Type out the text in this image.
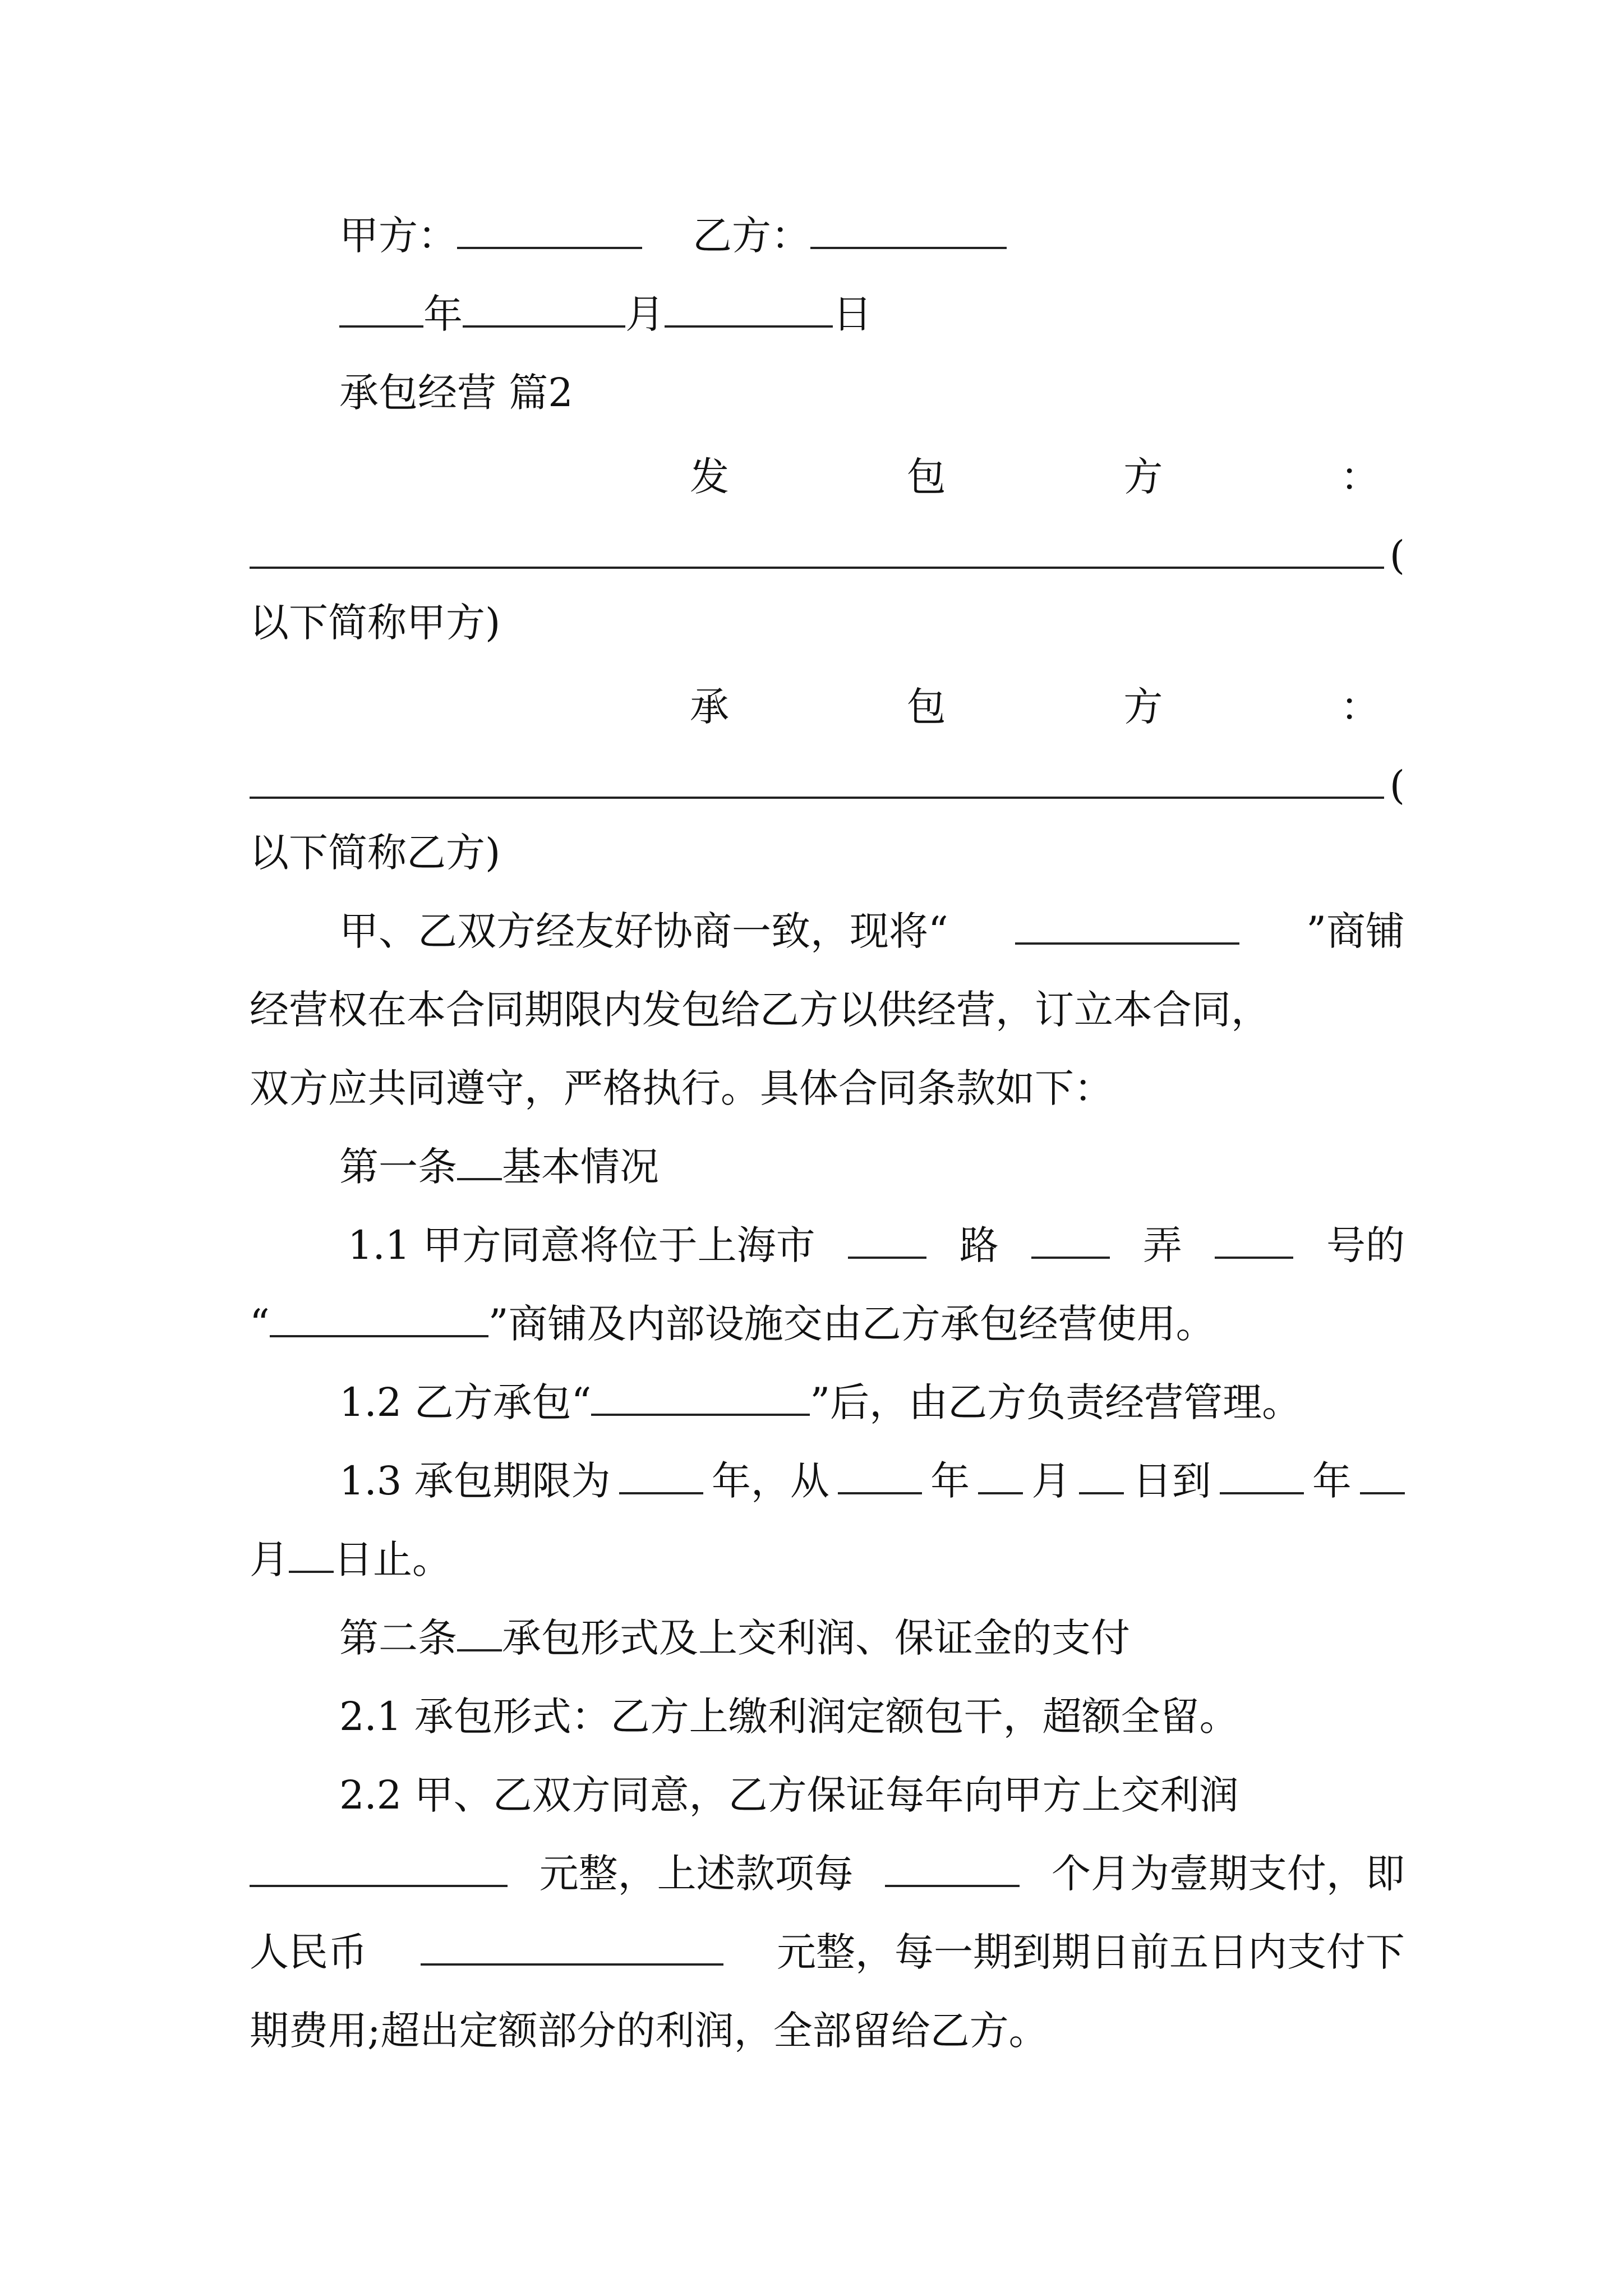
甲方：	乙方：
年	月	日
承包经营 篇2
发	包	方	：
(
以下简称甲方)
承	包	方	：
(
以下简称乙方)
甲、乙双方经友好协商一致，现将“	”商铺
经营权在本合同期限内发包给乙方以供经营，订立本合同，
双方应共同遵守，严格执行。具体合同条款如下：
第一条 基本情况
1.1 甲方同意将位于上海市	路	弄	号的
“	”商铺及内部设施交由乙方承包经营使用。
1.2 乙方承包“	”后，由乙方负责经营管理。
1.3 承包期限为	年，从	年 月 日到	年
月 日止。
第二条 承包形式及上交利润、保证金的支付
2.1 承包形式：乙方上缴利润定额包干，超额全留。
2.2 甲、乙双方同意，乙方保证每年向甲方上交利润
元整，上述款项每	个月为壹期支付，即
人民币	元整，每一期到期日前五日内支付下
期费用;超出定额部分的利润，全部留给乙方。
